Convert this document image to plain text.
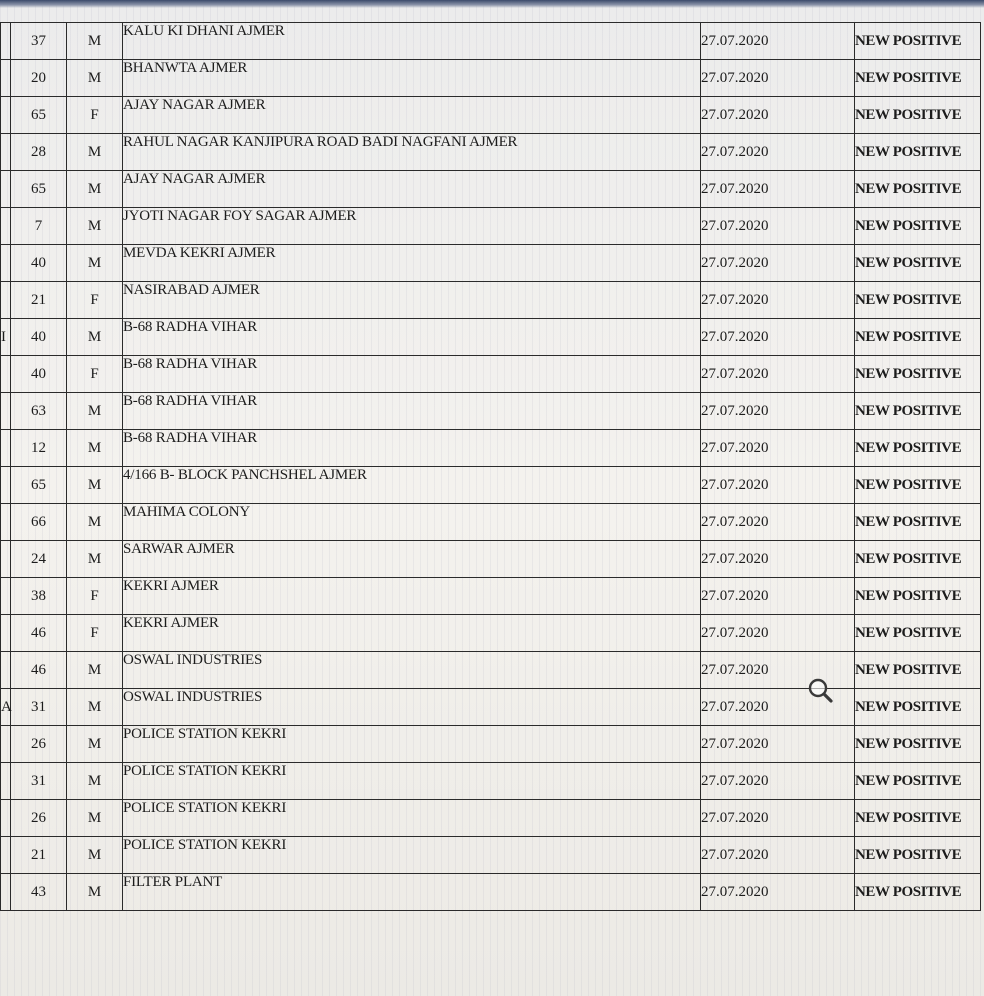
	37	M	KALU KI DHANI AJMER	27.07.2020	NEW POSITIVE
	20	M	BHANWTA AJMER	27.07.2020	NEW POSITIVE
	65	F	AJAY NAGAR AJMER	27.07.2020	NEW POSITIVE
	28	M	RAHUL NAGAR KANJIPURA ROAD BADI NAGFANI AJMER	27.07.2020	NEW POSITIVE
	65	M	AJAY NAGAR AJMER	27.07.2020	NEW POSITIVE
	7	M	JYOTI NAGAR FOY SAGAR AJMER	27.07.2020	NEW POSITIVE
	40	M	MEVDA KEKRI AJMER	27.07.2020	NEW POSITIVE
	21	F	NASIRABAD AJMER	27.07.2020	NEW POSITIVE
I	40	M	B-68 RADHA VIHAR	27.07.2020	NEW POSITIVE
	40	F	B-68 RADHA VIHAR	27.07.2020	NEW POSITIVE
	63	M	B-68 RADHA VIHAR	27.07.2020	NEW POSITIVE
	12	M	B-68 RADHA VIHAR	27.07.2020	NEW POSITIVE
	65	M	4/166 B- BLOCK PANCHSHEL AJMER	27.07.2020	NEW POSITIVE
	66	M	MAHIMA COLONY	27.07.2020	NEW POSITIVE
	24	M	SARWAR AJMER	27.07.2020	NEW POSITIVE
	38	F	KEKRI AJMER	27.07.2020	NEW POSITIVE
	46	F	KEKRI AJMER	27.07.2020	NEW POSITIVE
	46	M	OSWAL INDUSTRIES	27.07.2020	NEW POSITIVE
A	31	M	OSWAL INDUSTRIES	27.07.2020	NEW POSITIVE
	26	M	POLICE STATION KEKRI	27.07.2020	NEW POSITIVE
	31	M	POLICE STATION KEKRI	27.07.2020	NEW POSITIVE
	26	M	POLICE STATION KEKRI	27.07.2020	NEW POSITIVE
	21	M	POLICE STATION KEKRI	27.07.2020	NEW POSITIVE
	43	M	FILTER PLANT	27.07.2020	NEW POSITIVE
